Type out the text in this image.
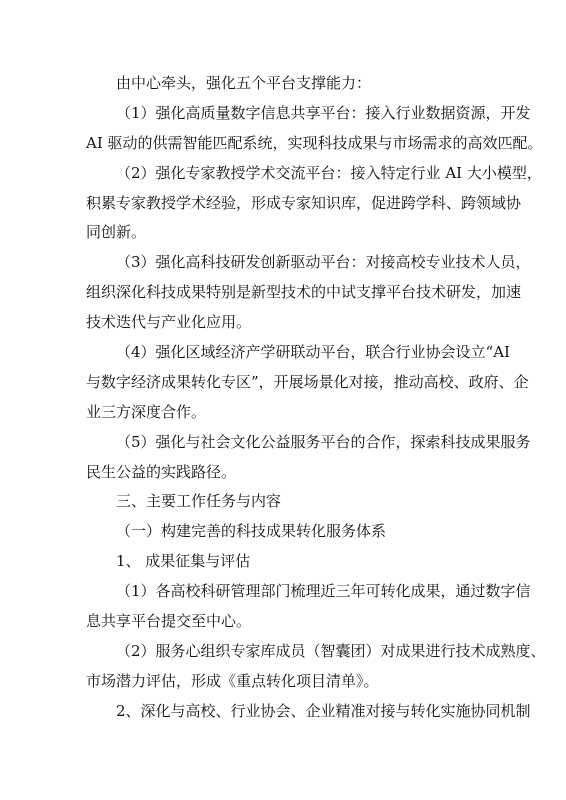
由中心牵头，强化五个平台支撑能力：
（1）强化高质量数字信息共享平台：接入行业数据资源，开发
AI 驱动的供需智能匹配系统，实现科技成果与市场需求的高效匹配。
（2）强化专家教授学术交流平台：接入特定行业 AI 大小模型，
积累专家教授学术经验，形成专家知识库，促进跨学科、跨领域协
同创新。
（3）强化高科技研发创新驱动平台：对接高校专业技术人员，
组织深化科技成果特别是新型技术的中试支撑平台技术研发，加速
技术迭代与产业化应用。
（4）强化区域经济产学研联动平台，联合行业协会设立“AI
与数字经济成果转化专区”，开展场景化对接，推动高校、政府、企
业三方深度合作。
（5）强化与社会文化公益服务平台的合作，探索科技成果服务
民生公益的实践路径。
三、主要工作任务与内容
（一）构建完善的科技成果转化服务体系
1、 成果征集与评估
（1）各高校科研管理部门梳理近三年可转化成果，通过数字信
息共享平台提交至中心。
（2）服务心组织专家库成员（智囊团）对成果进行技术成熟度、
市场潜力评估，形成《重点转化项目清单》。
2、深化与高校、行业协会、企业精准对接与转化实施协同机制
